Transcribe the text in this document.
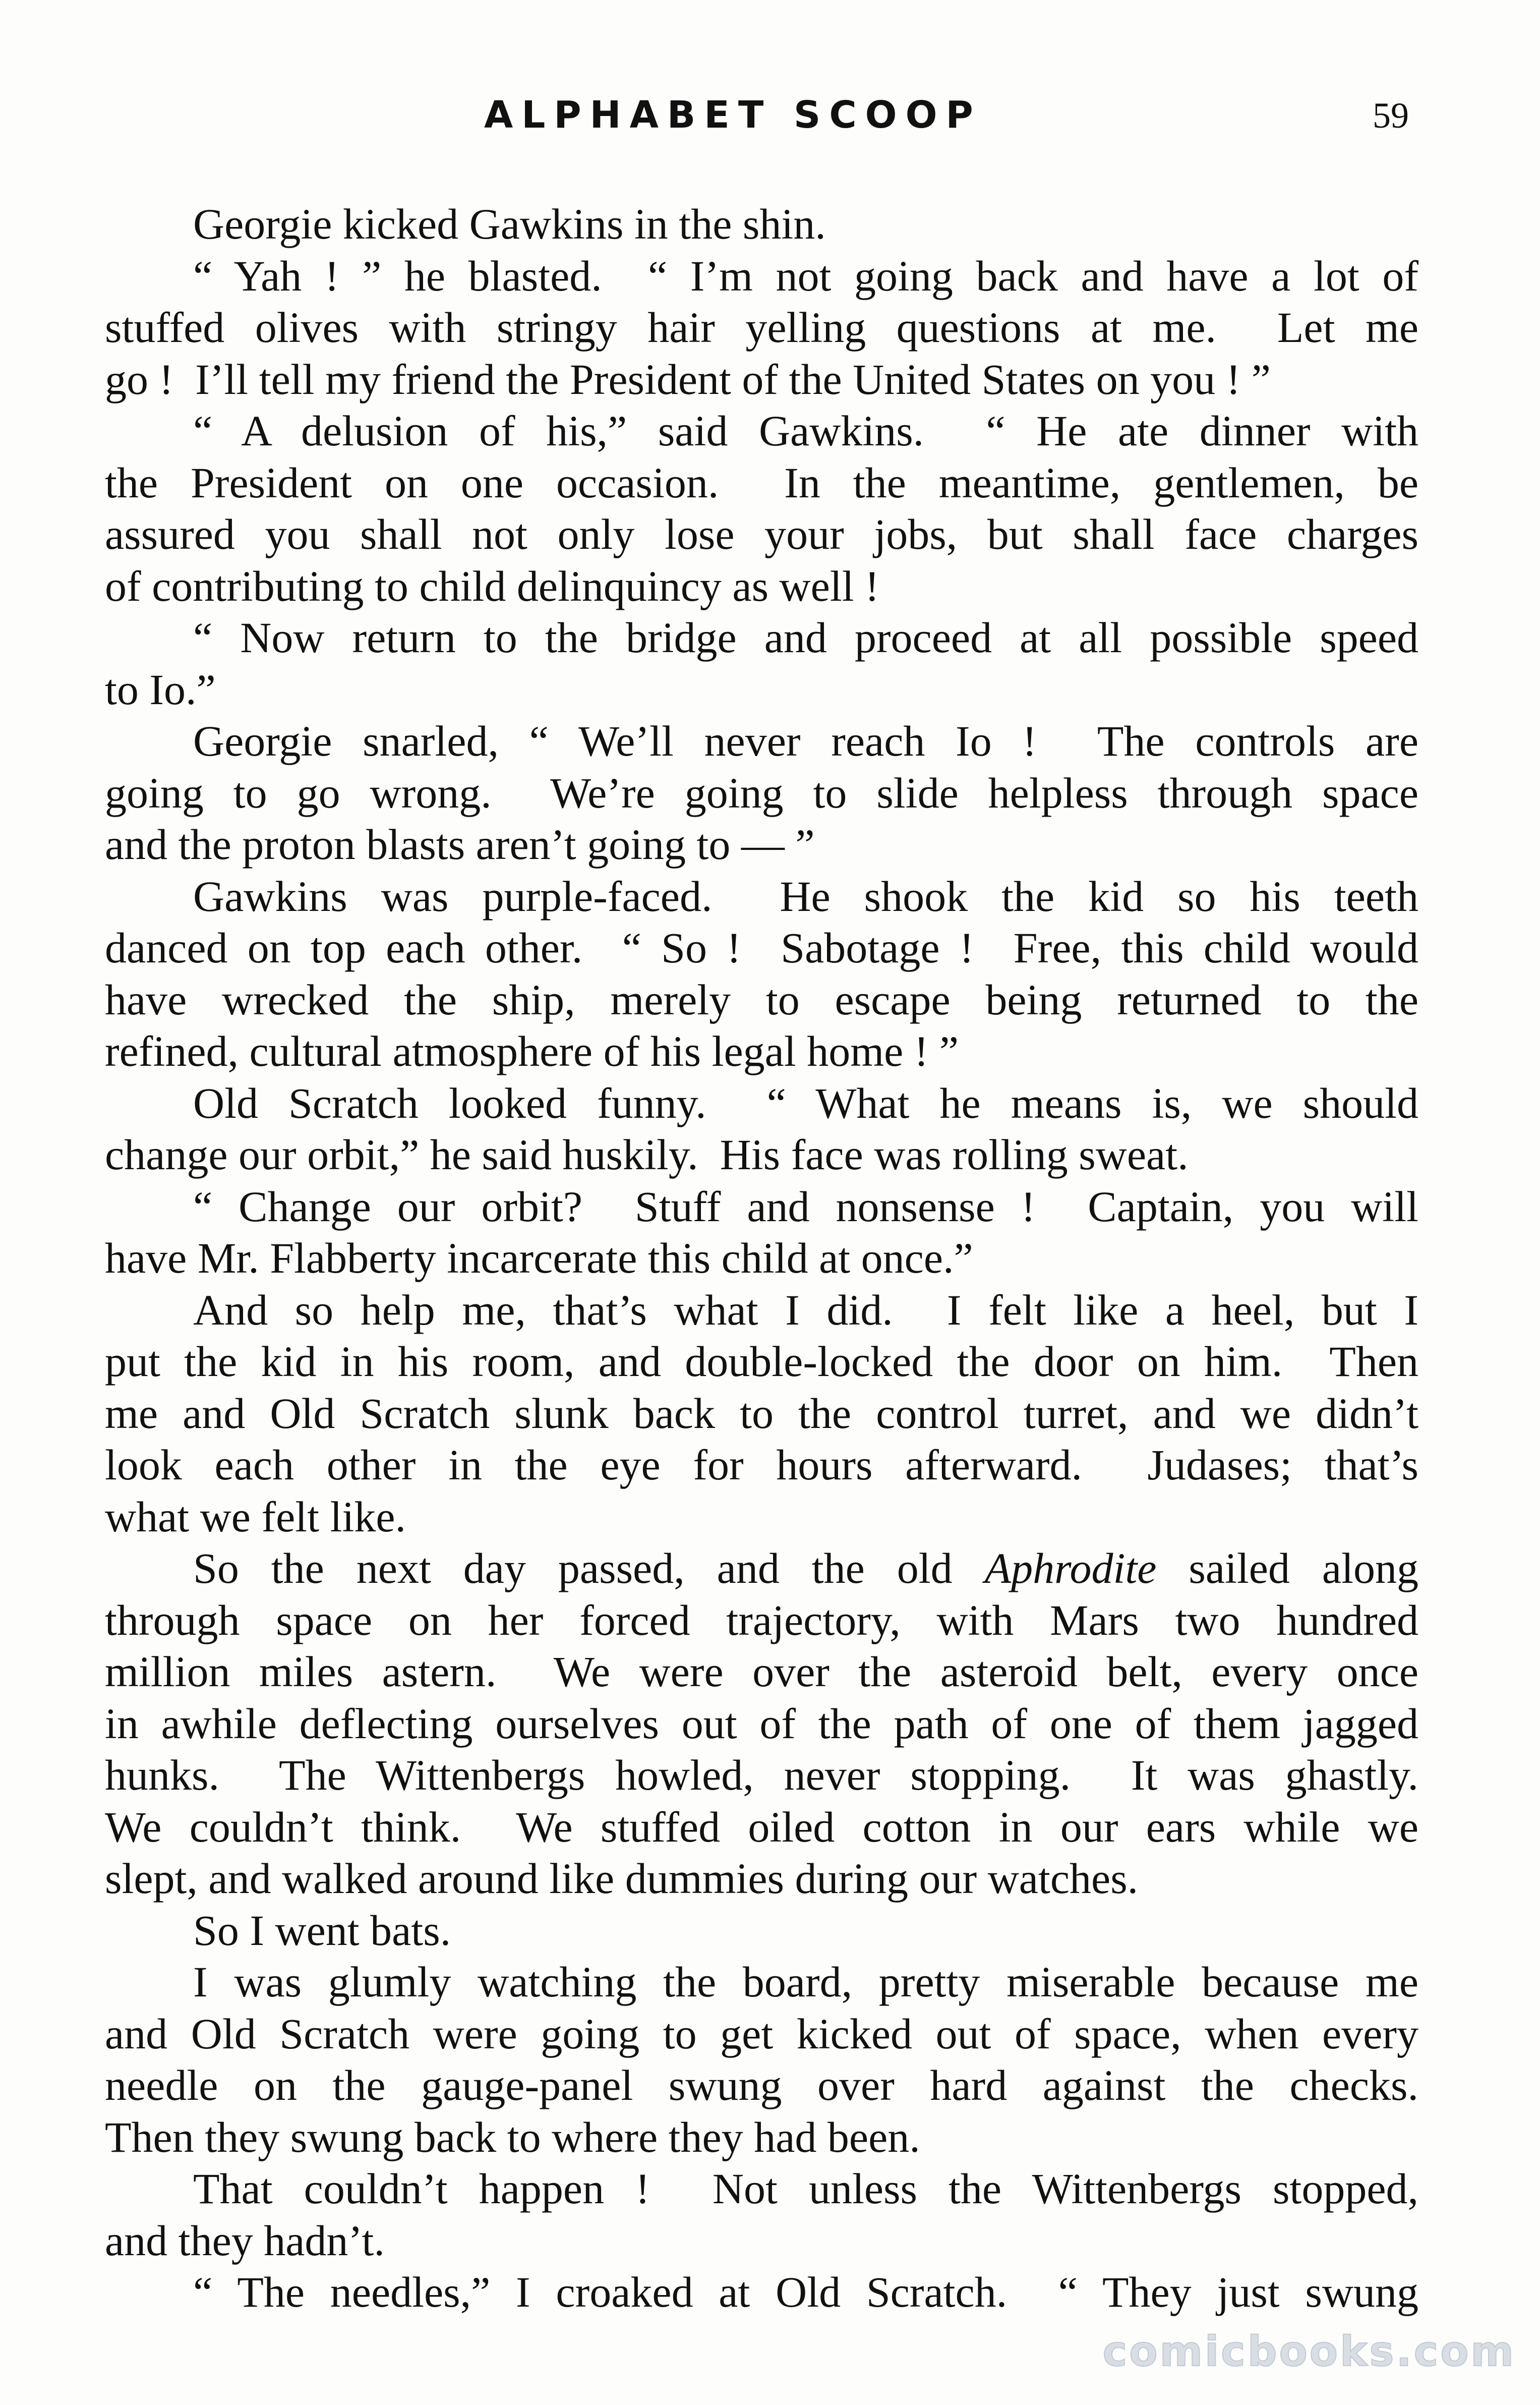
ALPHABET SCOOP	59
Georgie kicked Gawkins in the shin.
“ Yah ! ” he blasted.  “ I’m not going back and have a lot of
stuffed olives with stringy hair yelling questions at me.  Let me
go !  I’ll tell my friend the President of the United States on you ! ”
“ A delusion of his,” said Gawkins.  “ He ate dinner with
the President on one occasion.  In the meantime, gentlemen, be
assured you shall not only lose your jobs, but shall face charges
of contributing to child delinquincy as well !
“ Now return to the bridge and proceed at all possible speed
to Io.”
Georgie snarled, “ We’ll never reach Io !  The controls are
going to go wrong.  We’re going to slide helpless through space
and the proton blasts aren’t going to — ”
Gawkins was purple-faced.  He shook the kid so his teeth
danced on top each other.  “ So !  Sabotage !  Free, this child would
have wrecked the ship, merely to escape being returned to the
refined, cultural atmosphere of his legal home ! ”
Old Scratch looked funny.  “ What he means is, we should
change our orbit,” he said huskily.  His face was rolling sweat.
“ Change our orbit?  Stuff and nonsense !  Captain, you will
have Mr. Flabberty incarcerate this child at once.”
And so help me, that’s what I did.  I felt like a heel, but I
put the kid in his room, and double-locked the door on him.  Then
me and Old Scratch slunk back to the control turret, and we didn’t
look each other in the eye for hours afterward.  Judases; that’s
what we felt like.
So the next day passed, and the old Aphrodite sailed along
through space on her forced trajectory, with Mars two hundred
million miles astern.  We were over the asteroid belt, every once
in awhile deflecting ourselves out of the path of one of them jagged
hunks.  The Wittenbergs howled, never stopping.  It was ghastly.
We couldn’t think.  We stuffed oiled cotton in our ears while we
slept, and walked around like dummies during our watches.
So I went bats.
I was glumly watching the board, pretty miserable because me
and Old Scratch were going to get kicked out of space, when every
needle on the gauge-panel swung over hard against the checks.
Then they swung back to where they had been.
That couldn’t happen !  Not unless the Wittenbergs stopped,
and they hadn’t.
“ The needles,” I croaked at Old Scratch.  “ They just swung
comicbooks.com
